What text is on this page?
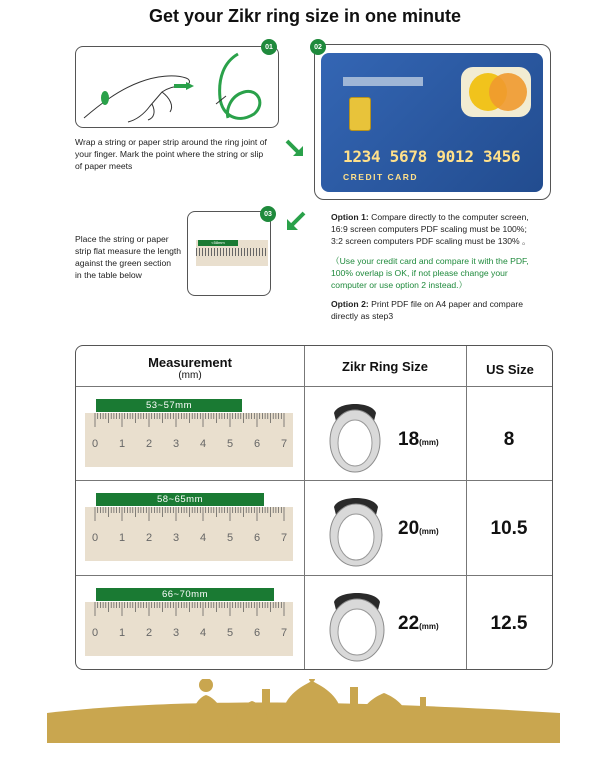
Get your Zikr ring size in one minute
01
Wrap a string or paper strip around the ring joint of
your finger. Mark the point where the string or slip
of paper meets	1234 5678 9012 3456
CREDIT CARD
02
Place the string or paper
strip flat measure the length
against the green section
in the table below
<58mm
03	Option 1: Compare directly to the computer screen,
16:9 screen computers PDF scaling must be 100%;
3:2 screen computers PDF scaling must be 130% 。
（Use your credit card and compare it with the PDF,
100% overlap is OK, if not please change your
computer or use option 2 instead.）
Option 2: Print PDF file on A4 paper and compare
directly as step3
Measurement
(mm)
Zikr Ring Size	US Size
0 1 2 3 4 5 6 7
53~57mm
18(mm)	8
0 1 2 3 4 5 6 7
58~65mm
20(mm)	10.5
0 1 2 3 4 5 6 7
66~70mm
22(mm)	12.5
